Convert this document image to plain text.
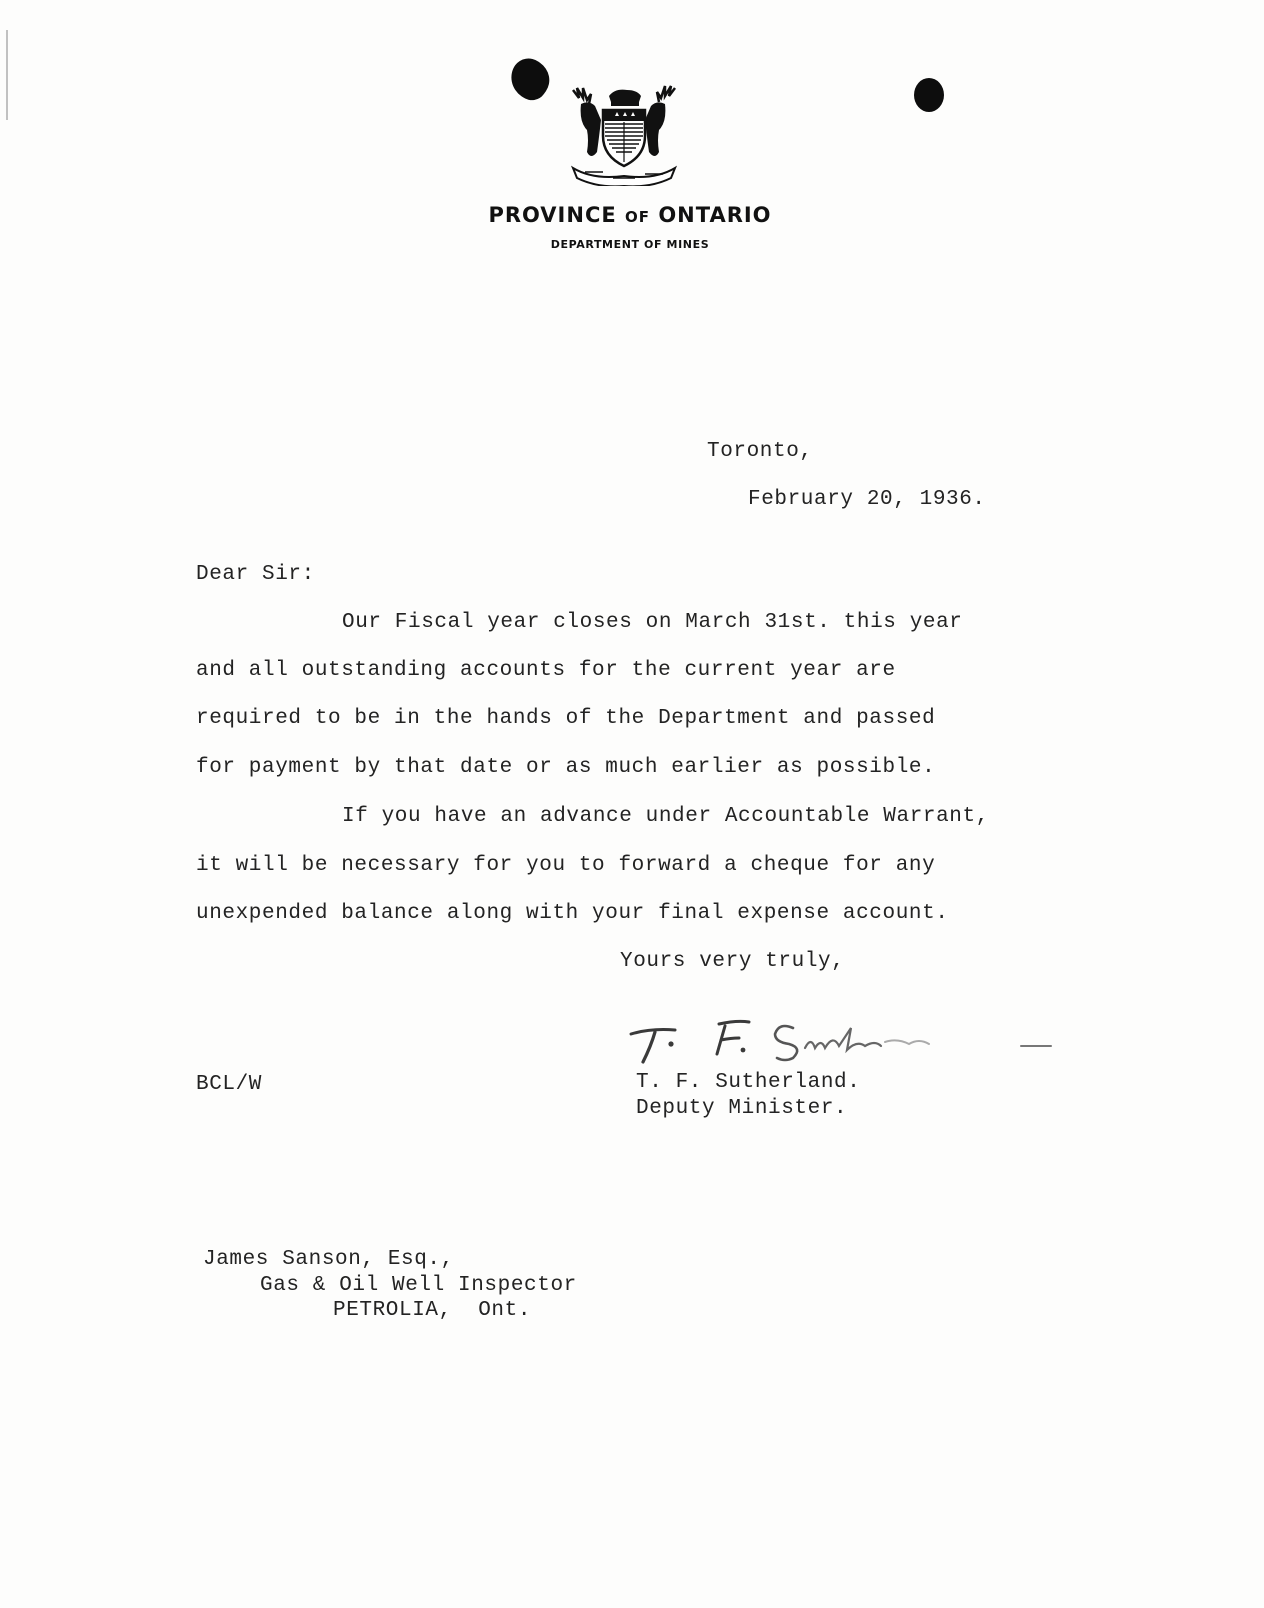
PROVINCE OF ONTARIO
DEPARTMENT OF MINES
Toronto,
February 20, 1936.
Dear Sir:
Our Fiscal year closes on March 31st. this year
and all outstanding accounts for the current year are
required to be in the hands of the Department and passed
for payment by that date or as much earlier as possible.
If you have an advance under Accountable Warrant,
it will be necessary for you to forward a cheque for any
unexpended balance along with your final expense account.
Yours very truly,
BCL/W	T. F. Sutherland.
Deputy Minister.
James Sanson, Esq.,
Gas & Oil Well Inspector
PETROLIA,  Ont.
